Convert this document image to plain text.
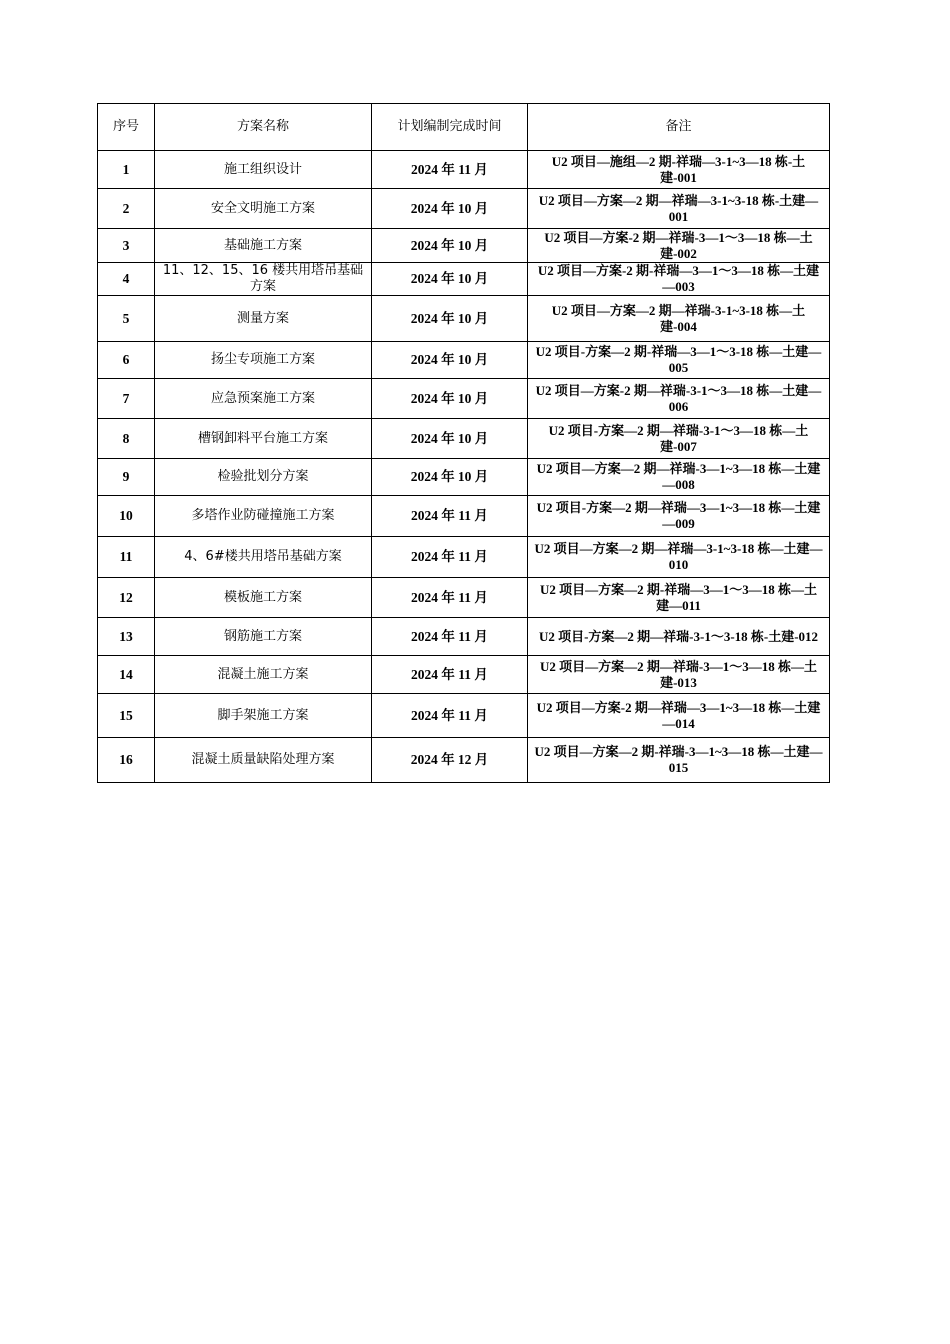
序号	方案名称	计划编制完成时间	备注
1	施工组织设计	2024 年 11 月	U2 项目—施组—2 期-祥瑞—3-1~3—18 栋-土建-001
2	安全文明施工方案	2024 年 10 月	U2 项目—方案—2 期—祥瑞—3-1~3-18 栋-土建—001
3	基础施工方案	2024 年 10 月	U2 项目—方案-2 期—祥瑞-3—1～3—18 栋—土建-002
4	11、12、15、16 楼共用塔吊基础方案	2024 年 10 月	U2 项目—方案-2 期-祥瑞—3—1～3—18 栋—土建—003
5	测量方案	2024 年 10 月	U2 项目—方案—2 期—祥瑞-3-1~3-18 栋—土建-004
6	扬尘专项施工方案	2024 年 10 月	U2 项目-方案—2 期-祥瑞—3—1～3-18 栋—土建—005
7	应急预案施工方案	2024 年 10 月	U2 项目—方案-2 期—祥瑞-3-1～3—18 栋—土建—006
8	槽钢卸料平台施工方案	2024 年 10 月	U2 项目-方案—2 期—祥瑞-3-1～3—18 栋—土建-007
9	检验批划分方案	2024 年 10 月	U2 项目—方案—2 期—祥瑞-3—1~3—18 栋—土建—008
10	多塔作业防碰撞施工方案	2024 年 11 月	U2 项目-方案—2 期—祥瑞—3—1~3—18 栋—土建—009
11	4、6#楼共用塔吊基础方案	2024 年 11 月	U2 项目—方案—2 期—祥瑞—3-1~3-18 栋—土建—010
12	模板施工方案	2024 年 11 月	U2 项目—方案—2 期-祥瑞—3—1～3—18 栋—土建—011
13	钢筋施工方案	2024 年 11 月	U2 项目-方案—2 期—祥瑞-3-1～3-18 栋-土建-012
14	混凝土施工方案	2024 年 11 月	U2 项目—方案—2 期—祥瑞-3—1～3—18 栋—土建-013
15	脚手架施工方案	2024 年 11 月	U2 项目—方案-2 期—祥瑞—3—1~3—18 栋—土建—014
16	混凝土质量缺陷处理方案	2024 年 12 月	U2 项目—方案—2 期-祥瑞-3—1~3—18 栋—土建—015
